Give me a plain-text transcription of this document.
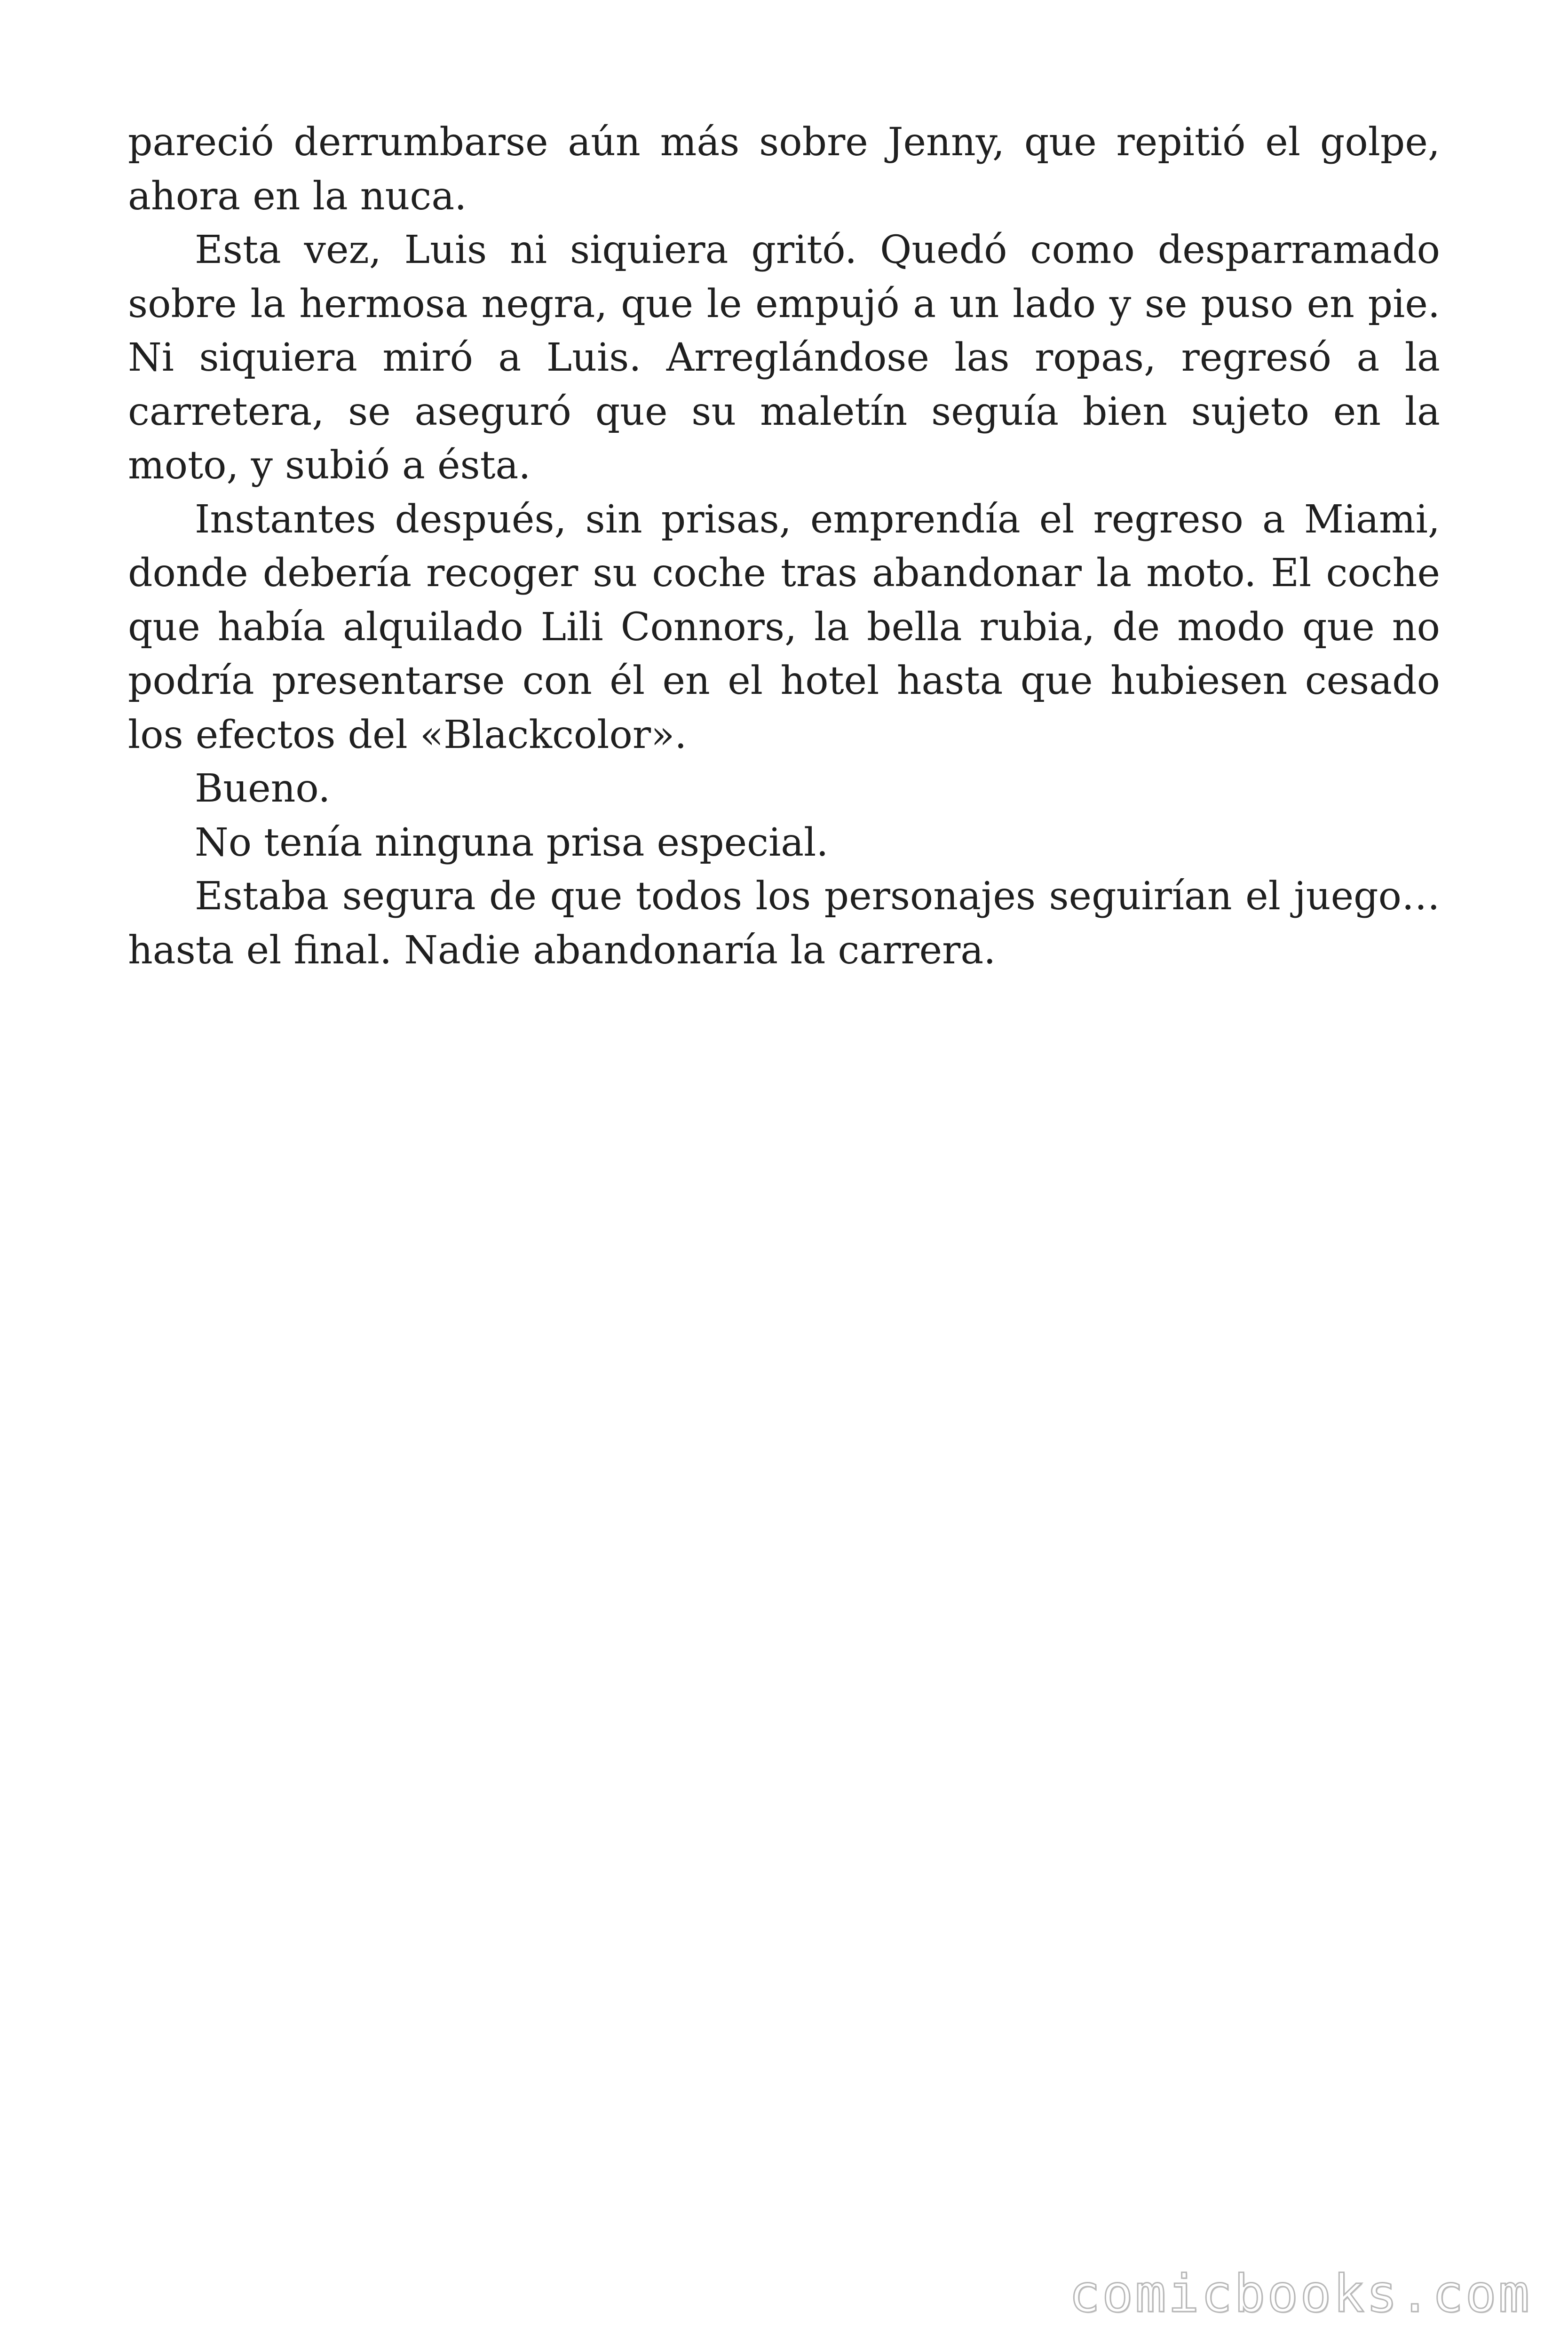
pareció derrumbarse aún más sobre Jenny, que repitió el golpe, ahora en la nuca.

Esta vez, Luis ni siquiera gritó. Quedó como desparramado sobre la hermosa negra, que le empujó a un lado y se puso en pie. Ni siquiera miró a Luis. Arreglándose las ropas, regresó a la carretera, se aseguró que su maletín seguía bien sujeto en la moto, y subió a ésta.

Instantes después, sin prisas, emprendía el regreso a Miami, donde debería recoger su coche tras abandonar la moto. El coche que había alquilado Lili Connors, la bella rubia, de modo que no podría presentarse con él en el hotel hasta que hubiesen cesado los efectos del «Blackcolor».

Bueno.

No tenía ninguna prisa especial.

Estaba segura de que todos los personajes seguirían el juego… hasta el final. Nadie abandonaría la carrera.

comicbooks.com
